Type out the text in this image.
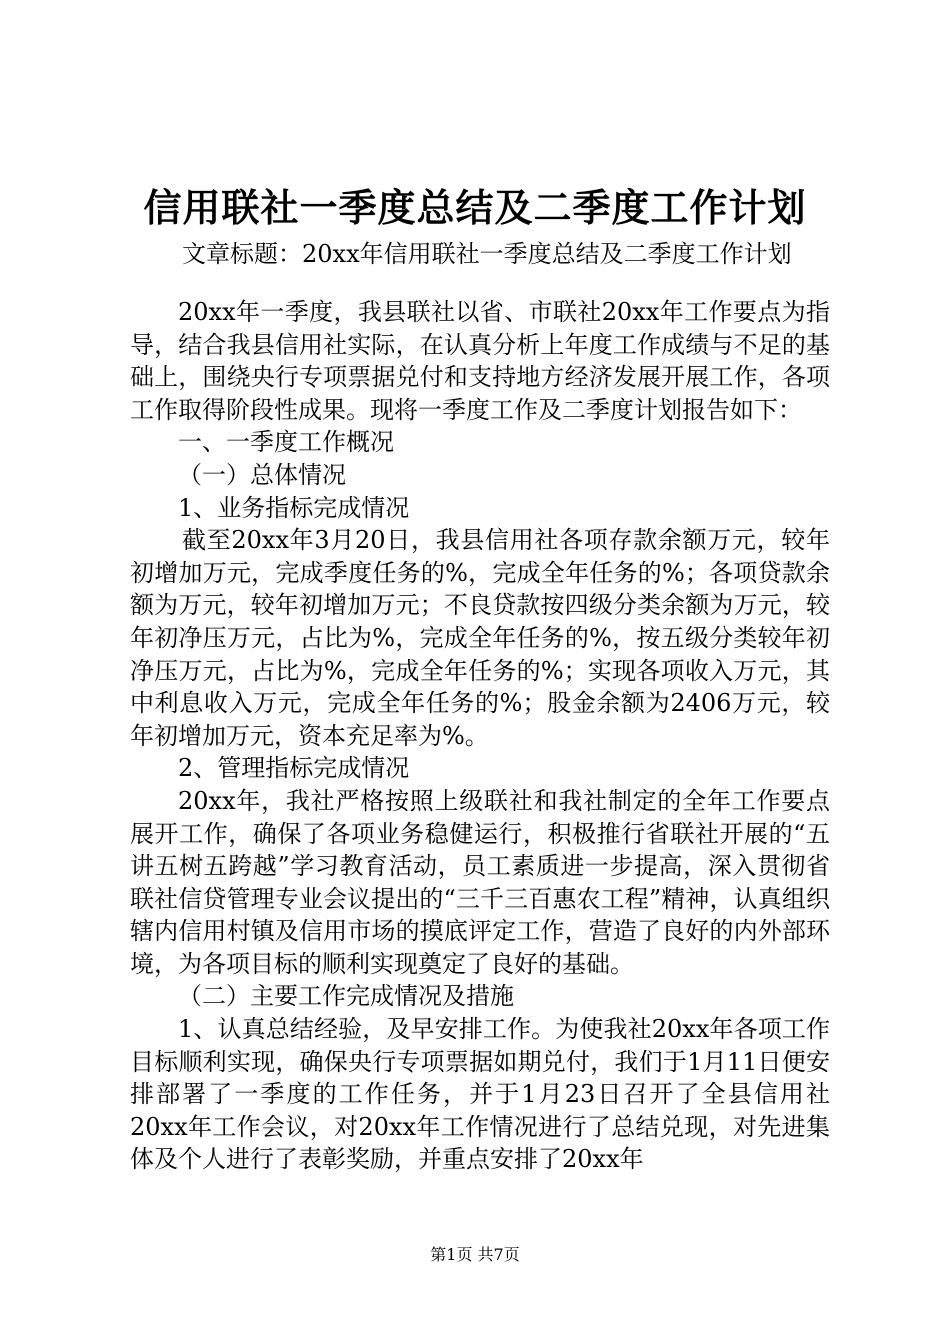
信用联社一季度总结及二季度工作计划
文章标题：20xx年信用联社一季度总结及二季度工作计划

20xx年一季度，我县联社以省、市联社20xx年工作要点为指导，结合我县信用社实际，在认真分析上年度工作成绩与不足的基础上，围绕央行专项票据兑付和支持地方经济发展开展工作，各项工作取得阶段性成果。现将一季度工作及二季度计划报告如下：

一、一季度工作概况

（一）总体情况

1、业务指标完成情况

截至20xx年3月20日，我县信用社各项存款余额万元，较年初增加万元，完成季度任务的%，完成全年任务的%；各项贷款余额为万元，较年初增加万元；不良贷款按四级分类余额为万元，较年初净压万元，占比为%，完成全年任务的%，按五级分类较年初净压万元，占比为%，完成全年任务的%；实现各项收入万元，其中利息收入万元，完成全年任务的%；股金余额为2406万元，较年初增加万元，资本充足率为%。

2、管理指标完成情况

20xx年，我社严格按照上级联社和我社制定的全年工作要点展开工作，确保了各项业务稳健运行，积极推行省联社开展的“五讲五树五跨越”学习教育活动，员工素质进一步提高，深入贯彻省联社信贷管理专业会议提出的“三千三百惠农工程”精神，认真组织辖内信用村镇及信用市场的摸底评定工作，营造了良好的内外部环境，为各项目标的顺利实现奠定了良好的基础。

（二）主要工作完成情况及措施

1、认真总结经验，及早安排工作。为使我社20xx年各项工作目标顺利实现，确保央行专项票据如期兑付，我们于1月11日便安排部署了一季度的工作任务，并于1月23日召开了全县信用社20xx年工作会议，对20xx年工作情况进行了总结兑现，对先进集体及个人进行了表彰奖励，并重点安排了20xx年

第1页 共7页
